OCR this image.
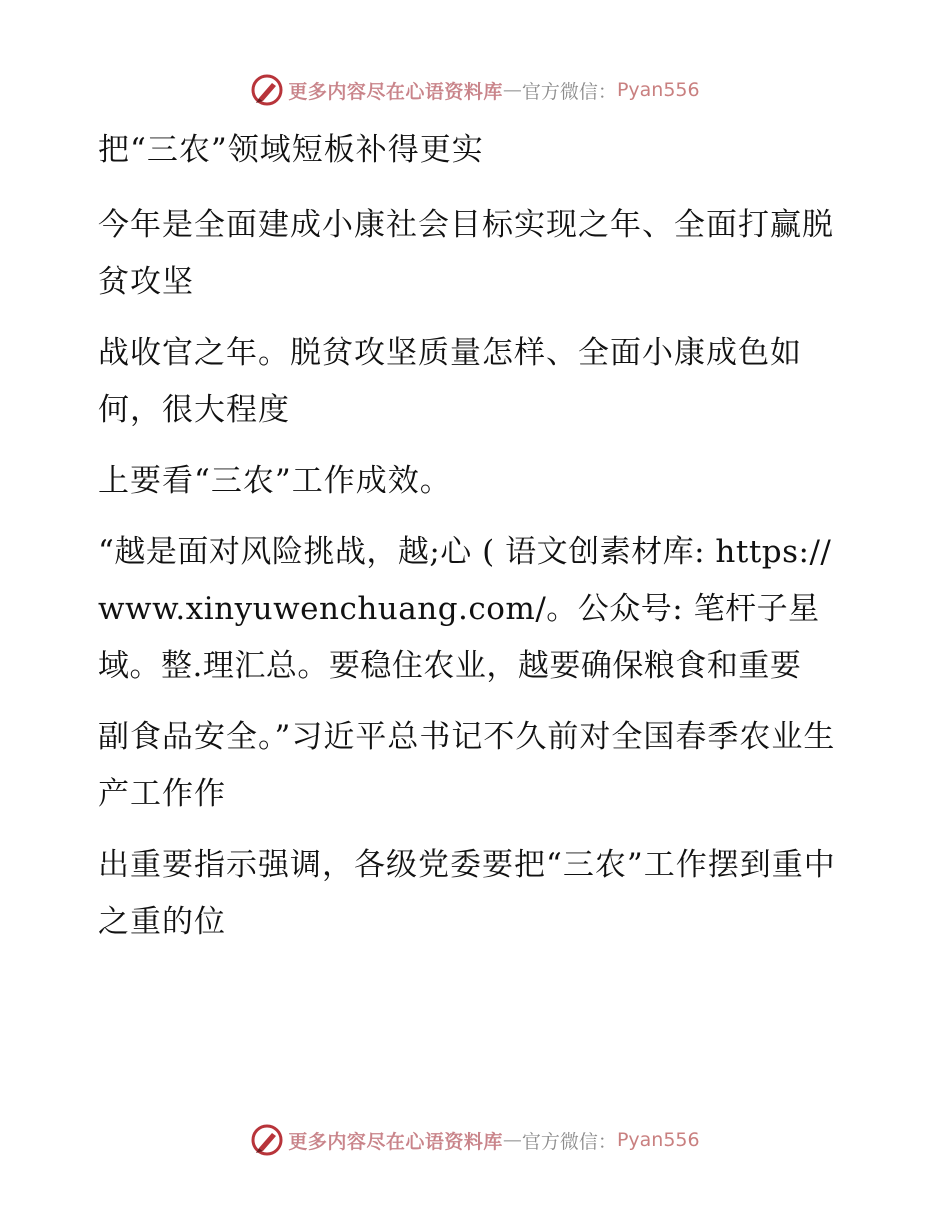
更多内容尽在心语资料库 — 官方微信： Pyan556

把“三农”领域短板补得更实

今年是全面建成小康社会目标实现之年、全面打赢脱贫攻坚

战收官之年。脱贫攻坚质量怎样、全面小康成色如何，很大程度

上要看“三农”工作成效。

“越是面对风险挑战，越;心 ( 语文创素材库: https://www.xinyuwenchuang.com/。公众号: 笔杆子星域。整.理汇总。要稳住农业，越要确保粮食和重要

副食品安全。”习近平总书记不久前对全国春季农业生产工作作

出重要指示强调，各级党委要把“三农”工作摆到重中之重的位

更多内容尽在心语资料库 — 官方微信： Pyan556
